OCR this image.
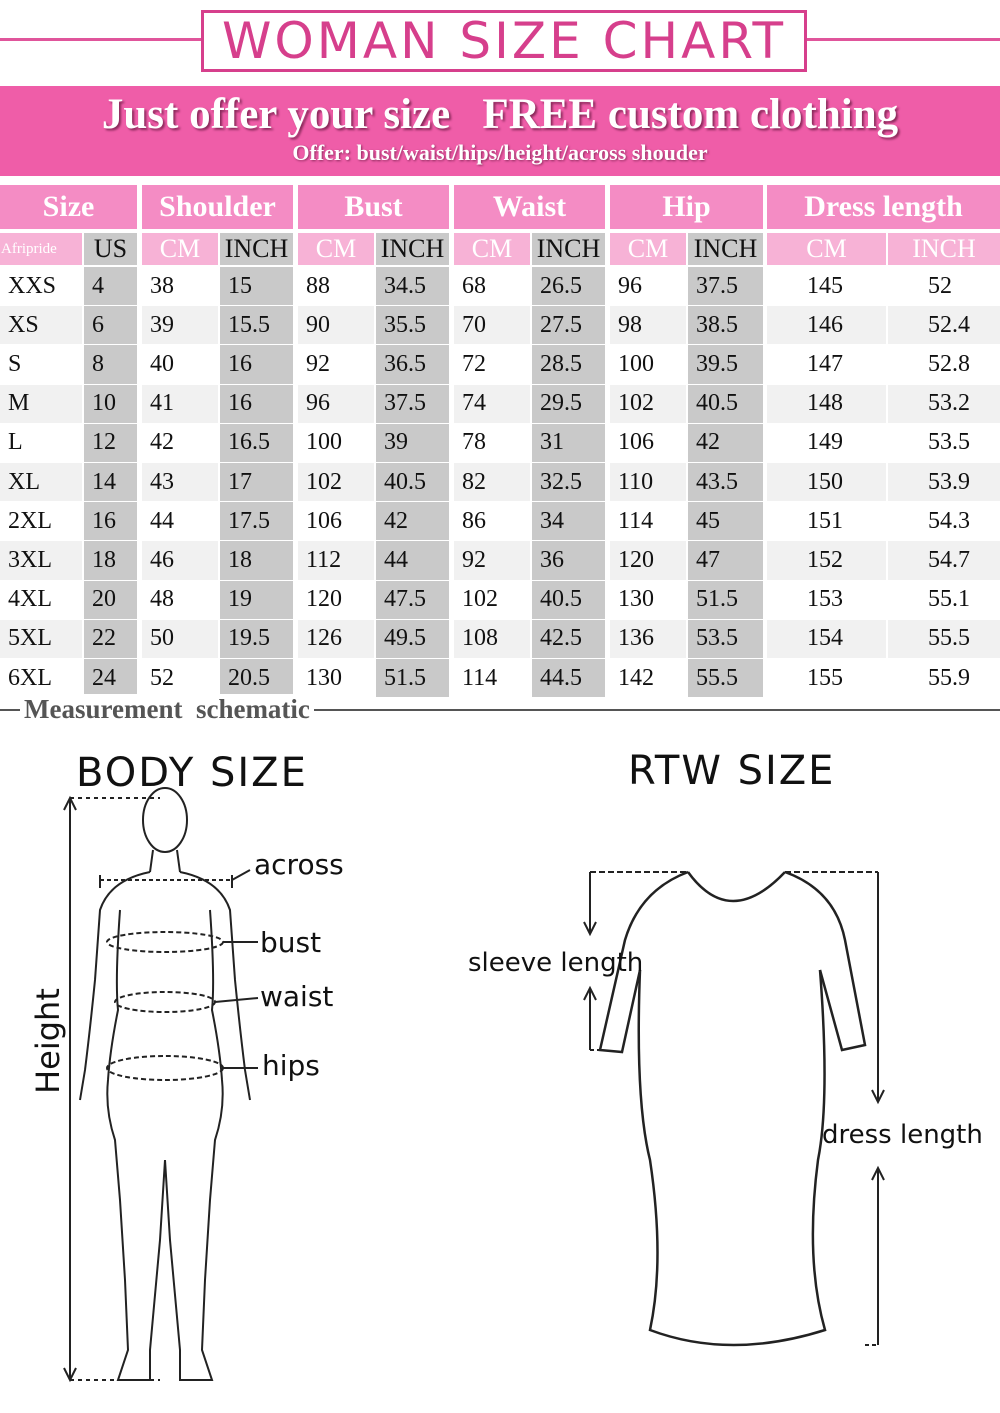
WOMAN SIZE CHART
Just offer your size   FREE custom clothing
Offer: bust/waist/hips/height/across shouder
Size	Shoulder	Bust	Waist	Hip	Dress length
Afripride	US	CM INCH	CM INCH	CM INCH	CM INCH	CM	INCH
XXS	4	38	15	88	34.5	68	26.5	96	37.5	145	52
XS	6	39	15.5	90	35.5	70	27.5	98	38.5	146	52.4
S	8	40	16	92	36.5	72	28.5	100	39.5	147	52.8
M	10	41	16	96	37.5	74	29.5	102	40.5	148	53.2
L	12	42	16.5	100	39	78	31	106	42	149	53.5
XL	14	43	17	102	40.5	82	32.5	110	43.5	150	53.9
2XL	16	44	17.5	106	42	86	34	114	45	151	54.3
3XL	18	46	18	112	44	92	36	120	47	152	54.7
4XL	20	48	19	120	47.5	102	40.5	130	51.5	153	55.1
5XL	22	50	19.5	126	49.5	108	42.5	136	53.5	154	55.5
6XL	24	52	20.5	130	51.5	114	44.5	142	55.5	155	55.9
Measurement  schematic
BODY SIZE
across
bust
waist
hips
Height
RTW SIZE
sleeve length
dress length
